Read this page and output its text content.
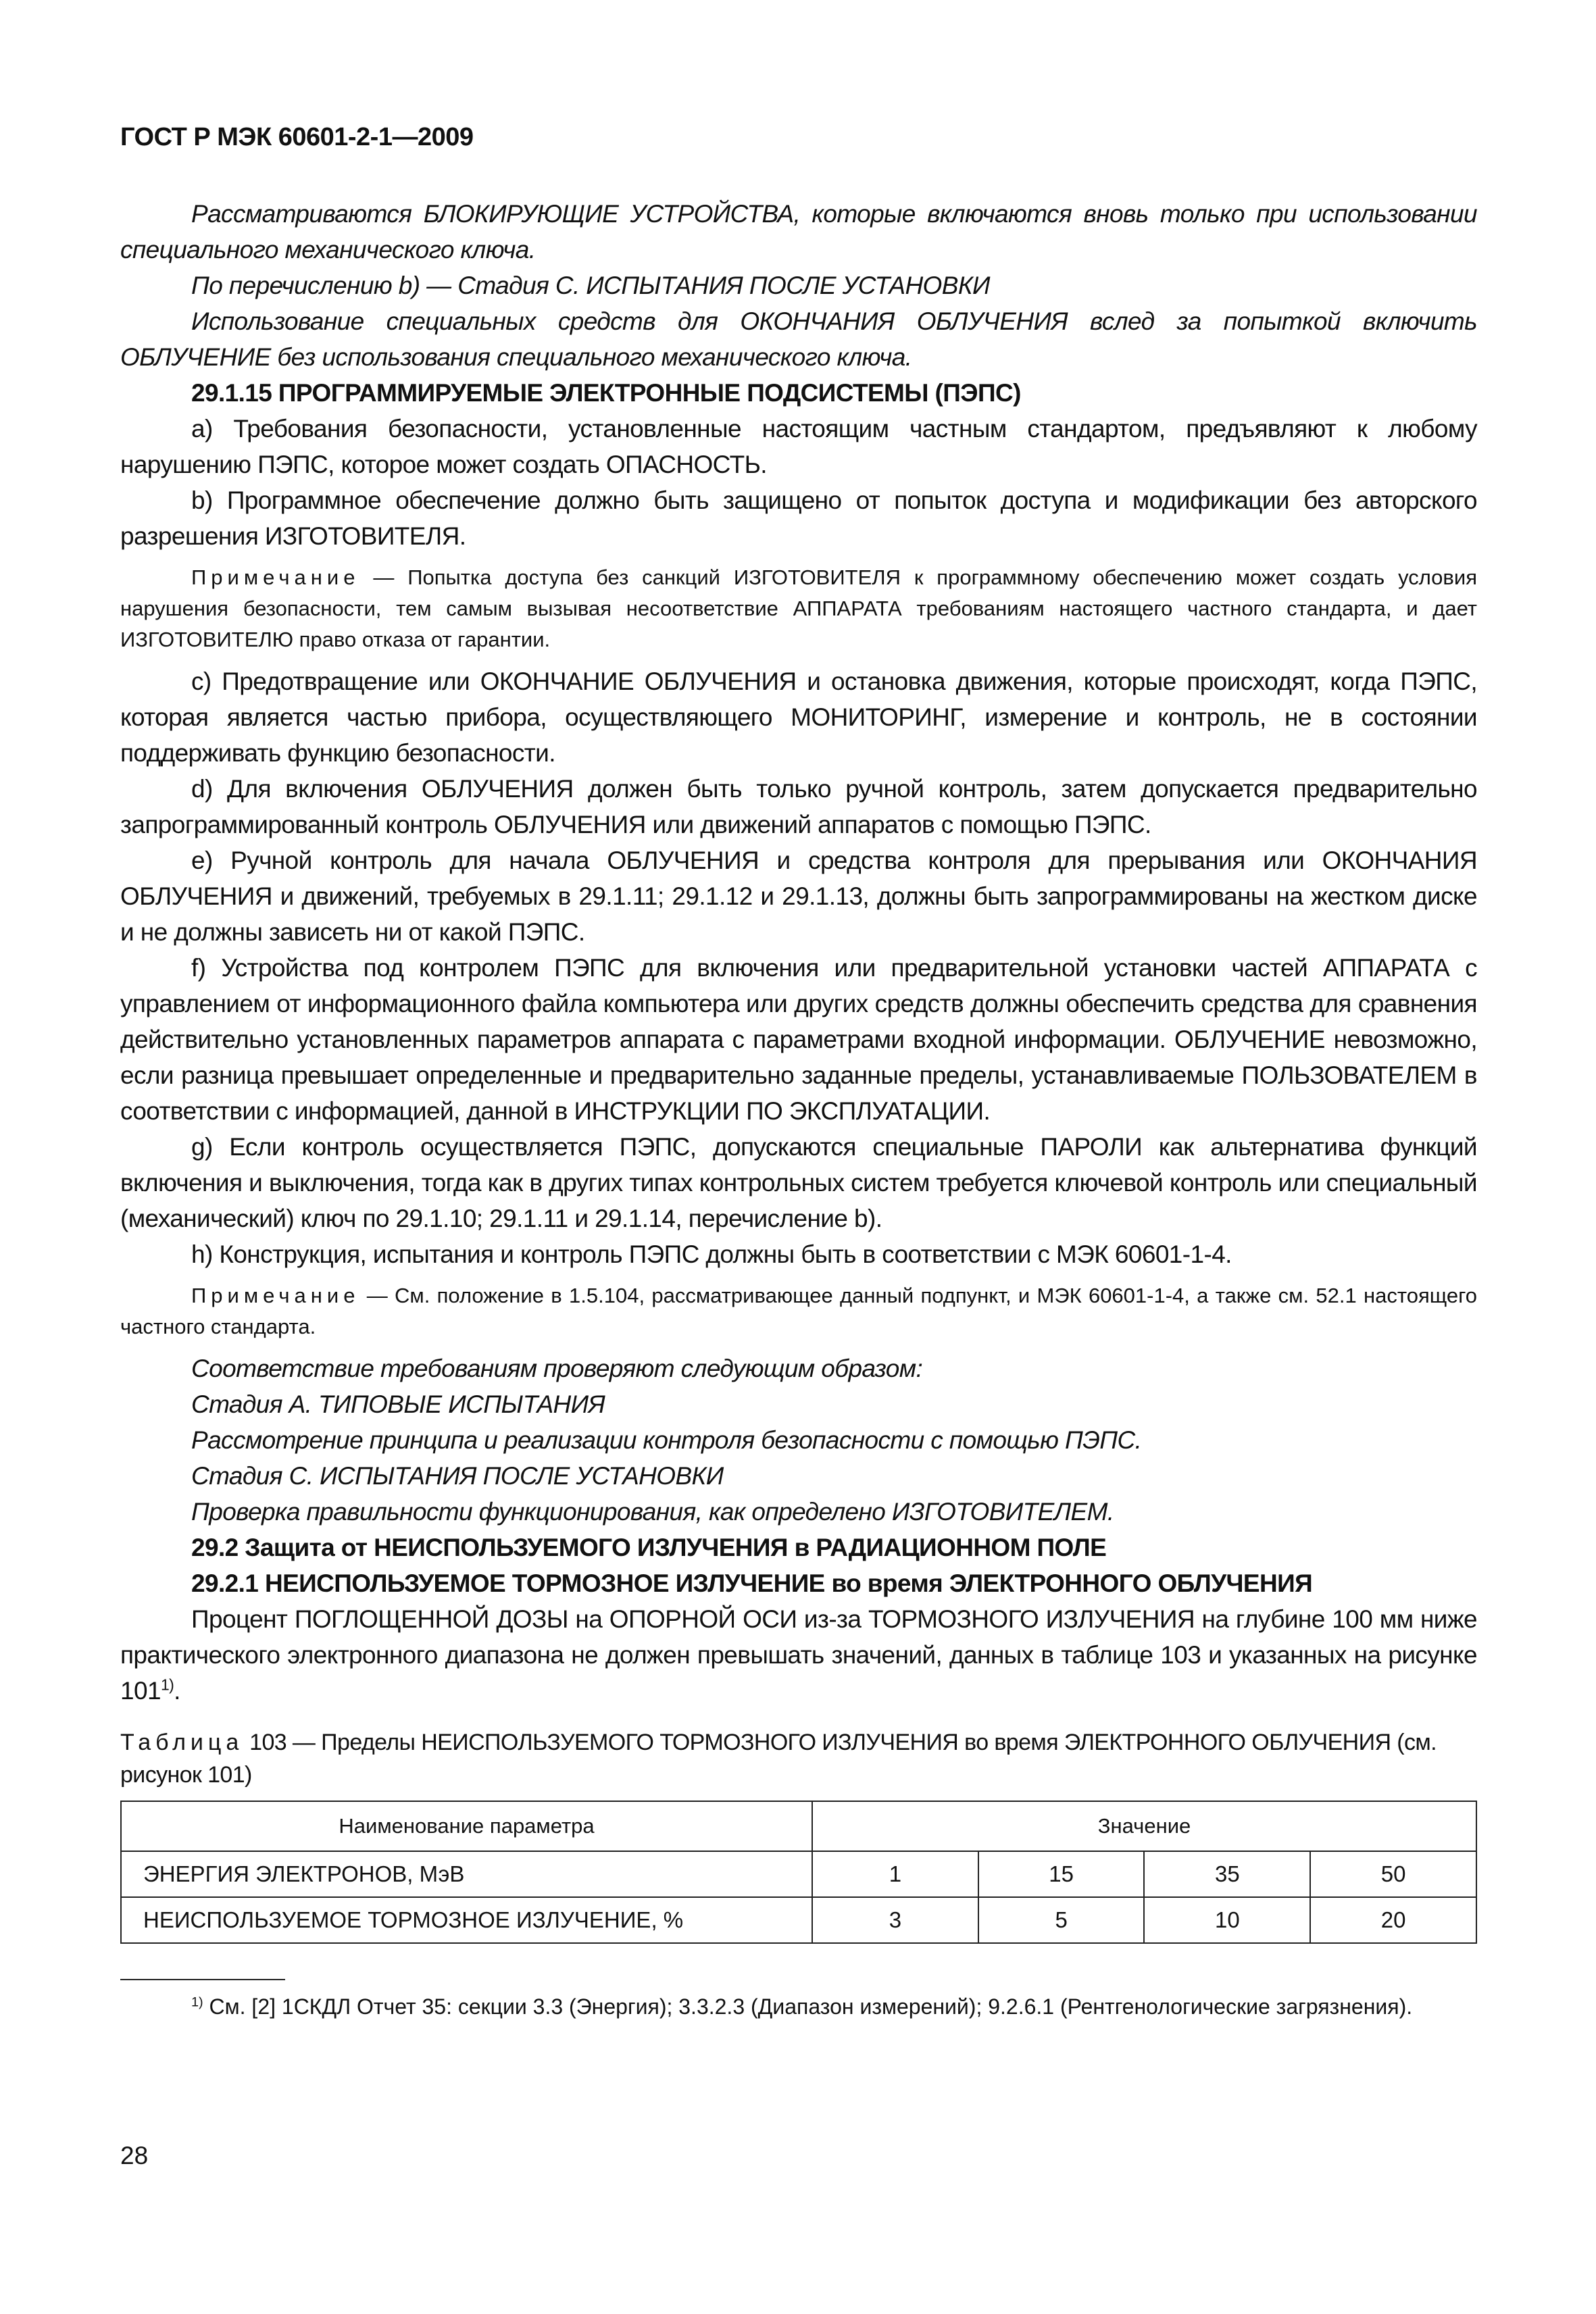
ГОСТ Р МЭК 60601-2-1—2009

Рассматриваются БЛОКИРУЮЩИЕ УСТРОЙСТВА, которые включаются вновь только при использовании специального механического ключа.

По перечислению b) — Стадия С. ИСПЫТАНИЯ ПОСЛЕ УСТАНОВКИ

Использование специальных средств для ОКОНЧАНИЯ ОБЛУЧЕНИЯ вслед за попыткой включить ОБЛУЧЕНИЕ без использования специального механического ключа.

29.1.15 ПРОГРАММИРУЕМЫЕ ЭЛЕКТРОННЫЕ ПОДСИСТЕМЫ (ПЭПС)

а) Требования безопасности, установленные настоящим частным стандартом, предъявляют к любому нарушению ПЭПС, которое может создать ОПАСНОСТЬ.

b) Программное обеспечение должно быть защищено от попыток доступа и модификации без авторского разрешения ИЗГОТОВИТЕЛЯ.

Примечание — Попытка доступа без санкций ИЗГОТОВИТЕЛЯ к программному обеспечению может создать условия нарушения безопасности, тем самым вызывая несоответствие АППАРАТА требованиям настоящего частного стандарта, и дает ИЗГОТОВИТЕЛЮ право отказа от гарантии.

с) Предотвращение или ОКОНЧАНИЕ ОБЛУЧЕНИЯ и остановка движения, которые происходят, когда ПЭПС, которая является частью прибора, осуществляющего МОНИТОРИНГ, измерение и контроль, не в состоянии поддерживать функцию безопасности.

d) Для включения ОБЛУЧЕНИЯ должен быть только ручной контроль, затем допускается предварительно запрограммированный контроль ОБЛУЧЕНИЯ или движений аппаратов с помощью ПЭПС.

е) Ручной контроль для начала ОБЛУЧЕНИЯ и средства контроля для прерывания или ОКОНЧАНИЯ ОБЛУЧЕНИЯ и движений, требуемых в 29.1.11; 29.1.12 и 29.1.13, должны быть запрограммированы на жестком диске и не должны зависеть ни от какой ПЭПС.

f) Устройства под контролем ПЭПС для включения или предварительной установки частей АППАРАТА с управлением от информационного файла компьютера или других средств должны обеспечить средства для сравнения действительно установленных параметров аппарата с параметрами входной информации. ОБЛУЧЕНИЕ невозможно, если разница превышает определенные и предварительно заданные пределы, устанавливаемые ПОЛЬЗОВАТЕЛЕМ в соответствии с информацией, данной в ИНСТРУКЦИИ ПО ЭКСПЛУАТАЦИИ.

g) Если контроль осуществляется ПЭПС, допускаются специальные ПАРОЛИ как альтернатива функций включения и выключения, тогда как в других типах контрольных систем требуется ключевой контроль или специальный (механический) ключ по 29.1.10; 29.1.11 и 29.1.14, перечисление b).

h) Конструкция, испытания и контроль ПЭПС должны быть в соответствии с МЭК 60601-1-4.

Примечание — См. положение в 1.5.104, рассматривающее данный подпункт, и МЭК 60601-1-4, а также см. 52.1 настоящего частного стандарта.

Соответствие требованиям проверяют следующим образом:

Стадия А. ТИПОВЫЕ ИСПЫТАНИЯ

Рассмотрение принципа и реализации контроля безопасности с помощью ПЭПС.

Стадия С. ИСПЫТАНИЯ ПОСЛЕ УСТАНОВКИ

Проверка правильности функционирования, как определено ИЗГОТОВИТЕЛЕМ.

29.2 Защита от НЕИСПОЛЬЗУЕМОГО ИЗЛУЧЕНИЯ в РАДИАЦИОННОМ ПОЛЕ

29.2.1 НЕИСПОЛЬЗУЕМОЕ ТОРМОЗНОЕ ИЗЛУЧЕНИЕ во время ЭЛЕКТРОННОГО ОБЛУЧЕНИЯ

Процент ПОГЛОЩЕННОЙ ДОЗЫ на ОПОРНОЙ ОСИ из-за ТОРМОЗНОГО ИЗЛУЧЕНИЯ на глубине 100 мм ниже практического электронного диапазона не должен превышать значений, данных в таблице 103 и указанных на рисунке 101$^{1)}$.

Таблица 103 — Пределы НЕИСПОЛЬЗУЕМОГО ТОРМОЗНОГО ИЗЛУЧЕНИЯ во время ЭЛЕКТРОННОГО ОБЛУЧЕНИЯ (см. рисунок 101)

Наименование параметра	Значение			
ЭНЕРГИЯ ЭЛЕКТРОНОВ, МэВ	1	15	35	50
НЕИСПОЛЬЗУЕМОЕ ТОРМОЗНОЕ ИЗЛУЧЕНИЕ, %	3	5	10	20

$^{1)}$ См. [2] 1СКДЛ Отчет 35: секции 3.3 (Энергия); 3.3.2.3 (Диапазон измерений); 9.2.6.1 (Рентгенологические загрязнения).

28
